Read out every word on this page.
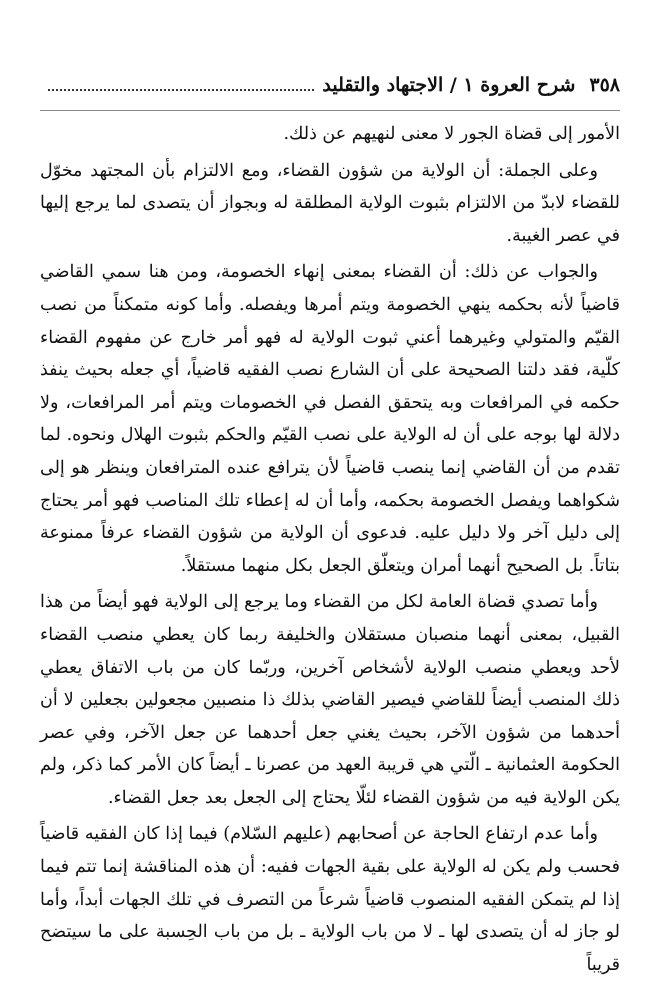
٣٥٨
شرح العروة ١ / الاجتهاد والتقليد

الأمور إلى قضاة الجور لا معنى لنهيهم عن ذلك.

وعلى الجملة: أن الولاية من شؤون القضاء، ومع الالتزام بأن المجتهد مخوّل للقضاء لابدّ من الالتزام بثبوت الولاية المطلقة له وبجواز أن يتصدى لما يرجع إليها في عصر الغيبة.

والجواب عن ذلك: أن القضاء بمعنى إنهاء الخصومة، ومن هنا سمي القاضي قاضياً لأنه بحكمه ينهي الخصومة ويتم أمرها ويفصله. وأما كونه متمكناً من نصب القيّم والمتولي وغيرهما أعني ثبوت الولاية له فهو أمر خارج عن مفهوم القضاء كلّية، فقد دلتنا الصحيحة على أن الشارع نصب الفقيه قاضياً، أي جعله بحيث ينفذ حكمه في المرافعات وبه يتحقق الفصل في الخصومات ويتم أمر المرافعات، ولا دلالة لها بوجه على أن له الولاية على نصب القيّم والحكم بثبوت الهلال ونحوه. لما تقدم من أن القاضي إنما ينصب قاضياً لأن يترافع عنده المترافعان وينظر هو إلى شكواهما ويفصل الخصومة بحكمه، وأما أن له إعطاء تلك المناصب فهو أمر يحتاج إلى دليل آخر ولا دليل عليه. فدعوى أن الولاية من شؤون القضاء عرفاً ممنوعة بتاتاً. بل الصحيح أنهما أمران ويتعلّق الجعل بكل منهما مستقلاً.

وأما تصدي قضاة العامة لكل من القضاء وما يرجع إلى الولاية فهو أيضاً من هذا القبيل، بمعنى أنهما منصبان مستقلان والخليفة ربما كان يعطي منصب القضاء لأحد ويعطي منصب الولاية لأشخاص آخرين، وربّما كان من باب الاتفاق يعطي ذلك المنصب أيضاً للقاضي فيصير القاضي بذلك ذا منصبين مجعولين بجعلين لا أن أحدهما من شؤون الآخر، بحيث يغني جعل أحدهما عن جعل الآخر، وفي عصر الحكومة العثمانية ـ الّتي هي قريبة العهد من عصرنا ـ أيضاً كان الأمر كما ذكر، ولم يكن الولاية فيه من شؤون القضاء لئلّا يحتاج إلى الجعل بعد جعل القضاء.

وأما عدم ارتفاع الحاجة عن أصحابهم (عليهم السّلام) فيما إذا كان الفقيه قاضياً فحسب ولم يكن له الولاية على بقية الجهات ففيه: أن هذه المناقشة إنما تتم فيما إذا لم يتمكن الفقيه المنصوب قاضياً شرعاً من التصرف في تلك الجهات أبداً، وأما لو جاز له أن يتصدى لها ـ لا من باب الولاية ـ بل من باب الحِسبة على ما سيتضح قريباً
